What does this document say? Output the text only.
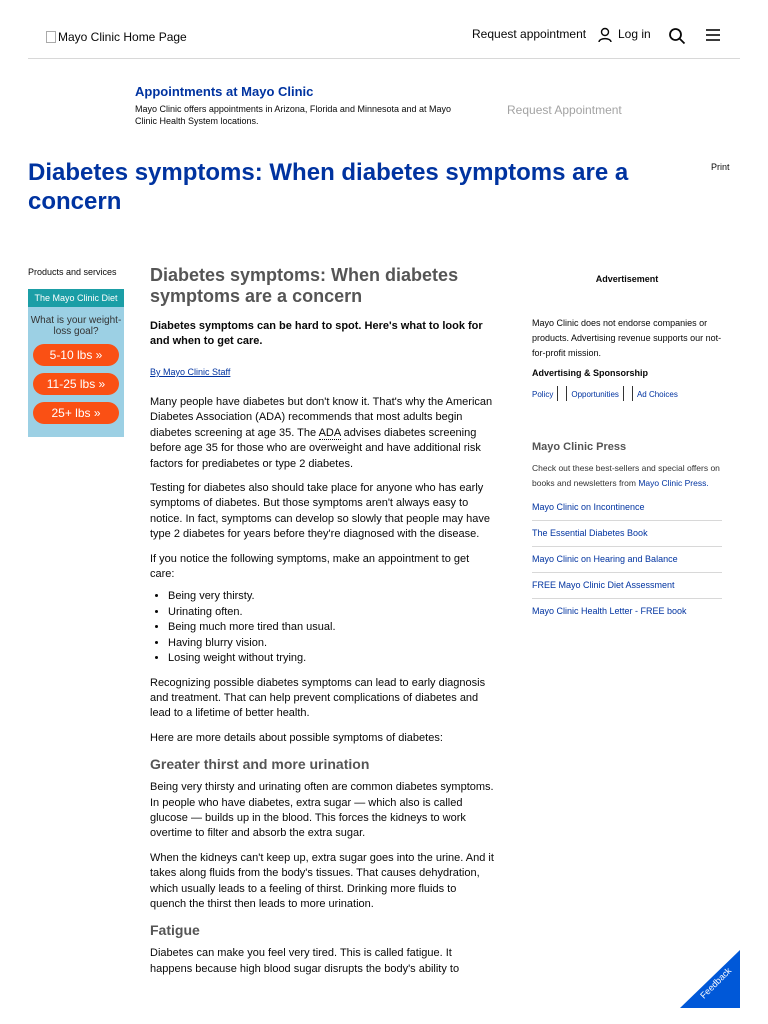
Mayo Clinic Home Page	Request appointment	Log in
Appointments at Mayo Clinic
Mayo Clinic offers appointments in Arizona, Florida and Minnesota and at Mayo Clinic Health System locations.
Request Appointment
Diabetes symptoms: When diabetes symptoms are a concern
Print
Products and services
The Mayo Clinic Diet
What is your weight-loss goal?
5-10 lbs »
11-25 lbs »
25+ lbs »
Diabetes symptoms: When diabetes symptoms are a concern
Diabetes symptoms can be hard to spot. Here's what to look for and when to get care.
By Mayo Clinic Staff

Many people have diabetes but don't know it. That's why the American Diabetes Association (ADA) recommends that most adults begin diabetes screening at age 35. The ADA advises diabetes screening before age 35 for those who are overweight and have additional risk factors for prediabetes or type 2 diabetes.

Testing for diabetes also should take place for anyone who has early symptoms of diabetes. But those symptoms aren't always easy to notice. In fact, symptoms can develop so slowly that people may have type 2 diabetes for years before they're diagnosed with the disease.

If you notice the following symptoms, make an appointment to get care:

• Being very thirsty.
• Urinating often.
• Being much more tired than usual.
• Having blurry vision.
• Losing weight without trying.

Recognizing possible diabetes symptoms can lead to early diagnosis and treatment. That can help prevent complications of diabetes and lead to a lifetime of better health.

Here are more details about possible symptoms of diabetes:

Greater thirst and more urination

Being very thirsty and urinating often are common diabetes symptoms. In people who have diabetes, extra sugar — which also is called glucose — builds up in the blood. This forces the kidneys to work overtime to filter and absorb the extra sugar.

When the kidneys can't keep up, extra sugar goes into the urine. And it takes along fluids from the body's tissues. That causes dehydration, which usually leads to a feeling of thirst. Drinking more fluids to quench the thirst then leads to more urination.

Fatigue

Diabetes can make you feel very tired. This is called fatigue. It happens because high blood sugar disrupts the body's ability to

Advertisement
Mayo Clinic does not endorse companies or products. Advertising revenue supports our not-for-profit mission.
Advertising & Sponsorship
Policy Opportunities Ad Choices
Mayo Clinic Press
Check out these best-sellers and special offers on books and newsletters from Mayo Clinic Press.
Mayo Clinic on Incontinence
The Essential Diabetes Book
Mayo Clinic on Hearing and Balance
FREE Mayo Clinic Diet Assessment
Mayo Clinic Health Letter - FREE book
Feedback
